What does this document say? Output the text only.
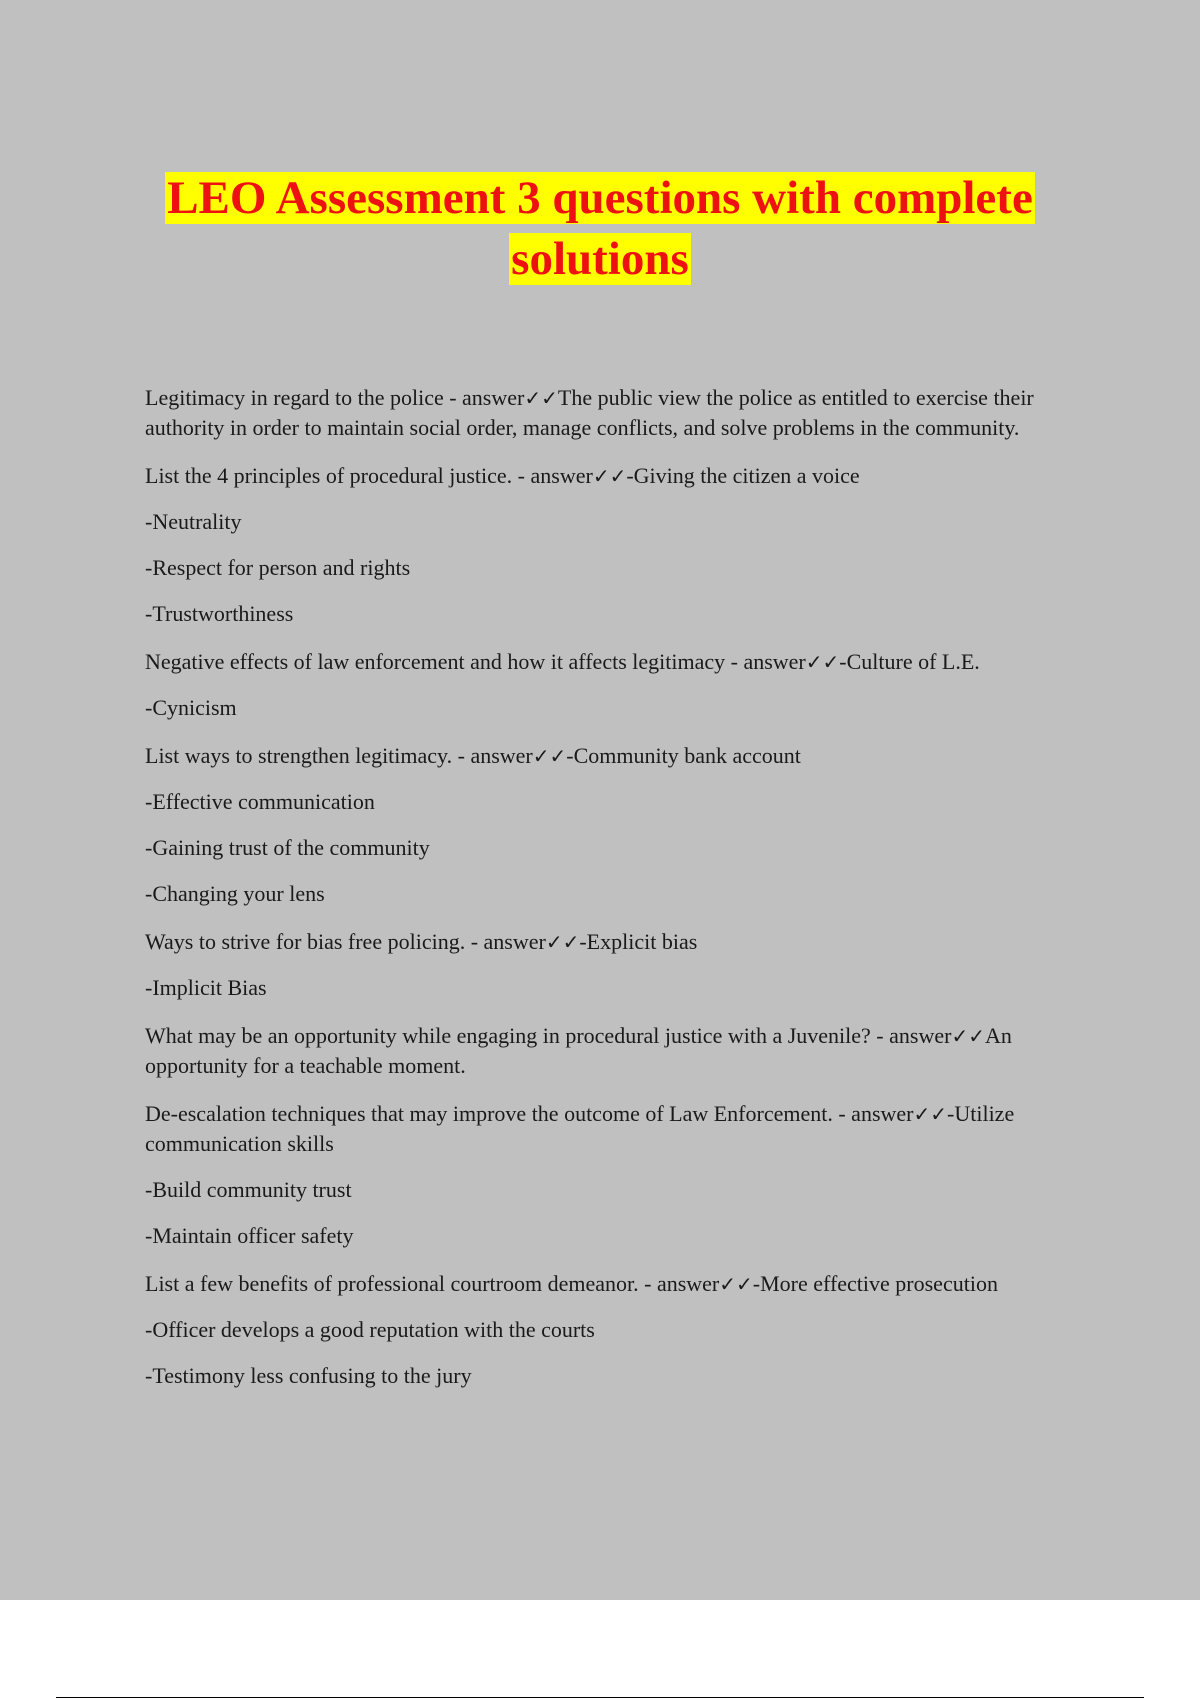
LEO Assessment 3 questions with complete
solutions

Legitimacy in regard to the police - answer✓✓The public view the police as entitled to exercise their authority in order to maintain social order, manage conflicts, and solve problems in the community.

List the 4 principles of procedural justice. - answer✓✓-Giving the citizen a voice

-Neutrality

-Respect for person and rights

-Trustworthiness

Negative effects of law enforcement and how it affects legitimacy - answer✓✓-Culture of L.E.

-Cynicism

List ways to strengthen legitimacy. - answer✓✓-Community bank account

-Effective communication

-Gaining trust of the community

-Changing your lens

Ways to strive for bias free policing. - answer✓✓-Explicit bias

-Implicit Bias

What may be an opportunity while engaging in procedural justice with a Juvenile? - answer✓✓An opportunity for a teachable moment.

De-escalation techniques that may improve the outcome of Law Enforcement. - answer✓✓-Utilize communication skills

-Build community trust

-Maintain officer safety

List a few benefits of professional courtroom demeanor. - answer✓✓-More effective prosecution

-Officer develops a good reputation with the courts

-Testimony less confusing to the jury
